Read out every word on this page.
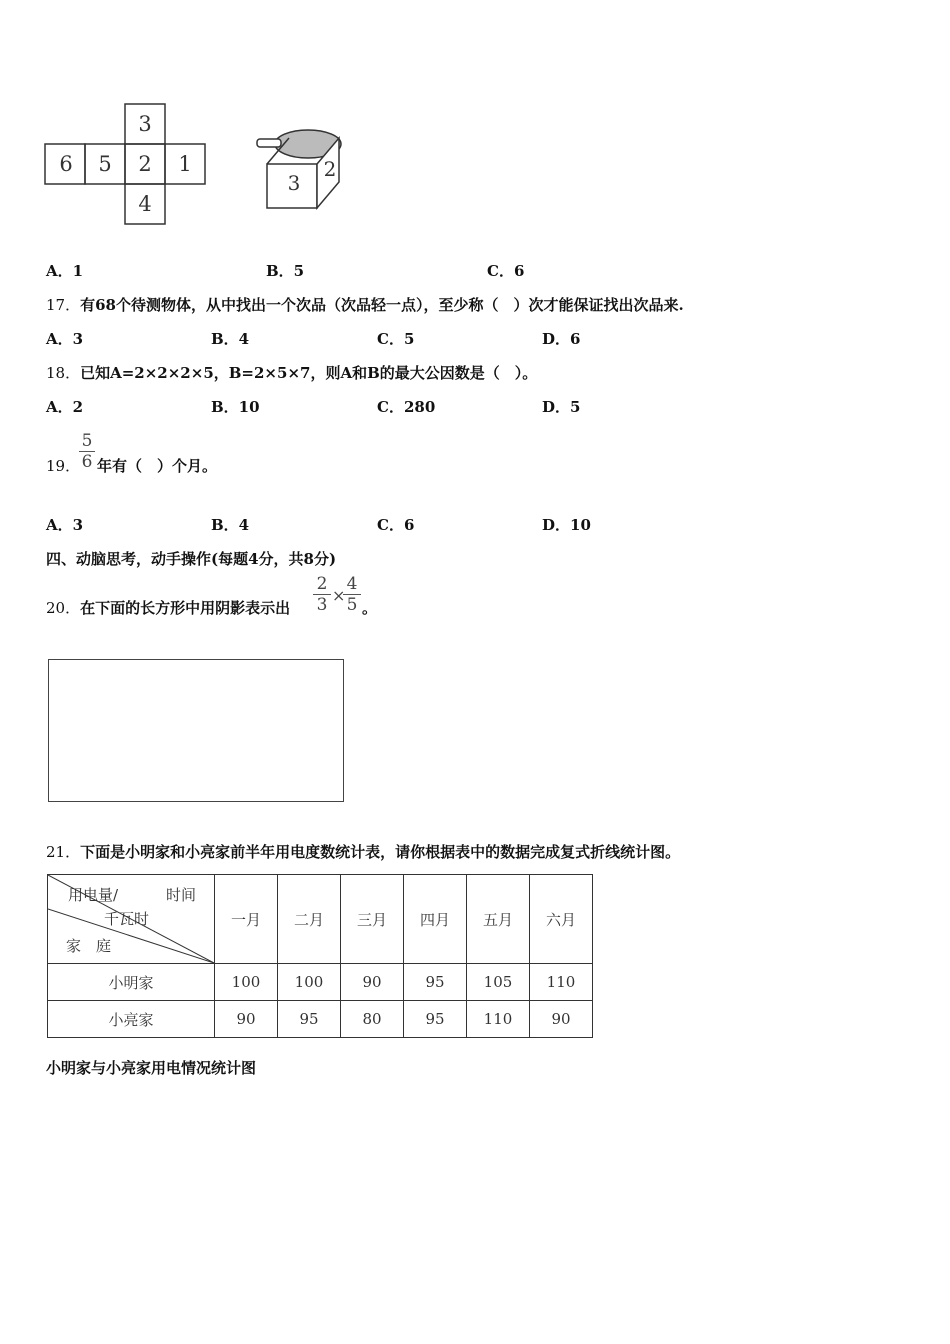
3
6 5 2 1
4
3
2
A．1	B．5	C．6
17．有68个待测物体，从中找出一个次品（次品轻一点），至少称（　）次才能保证找出次品来.
A．3	B．4	C．5	D．6
18．已知A=2×2×2×5，B=2×5×7，则A和B的最大公因数是（　）。
A．2	B．10	C．280	D．5
19．
5
6 年有（　）个月。
A．3	B．4	C．6	D．10
四、动脑思考，动手操作(每题4分，共8分)
20．在下面的长方形中用阴影表示出
2
3 ×
4
5 。
21．下面是小明家和小亮家前半年用电度数统计表，请你根据表中的数据完成复式折线统计图。
用电量/ 时间
千瓦时
家　庭	一月	二月	三月	四月	五月	六月
小明家	100	100	90	95	105	110
小亮家	90	95	80	95	110	90
小明家与小亮家用电情况统计图
